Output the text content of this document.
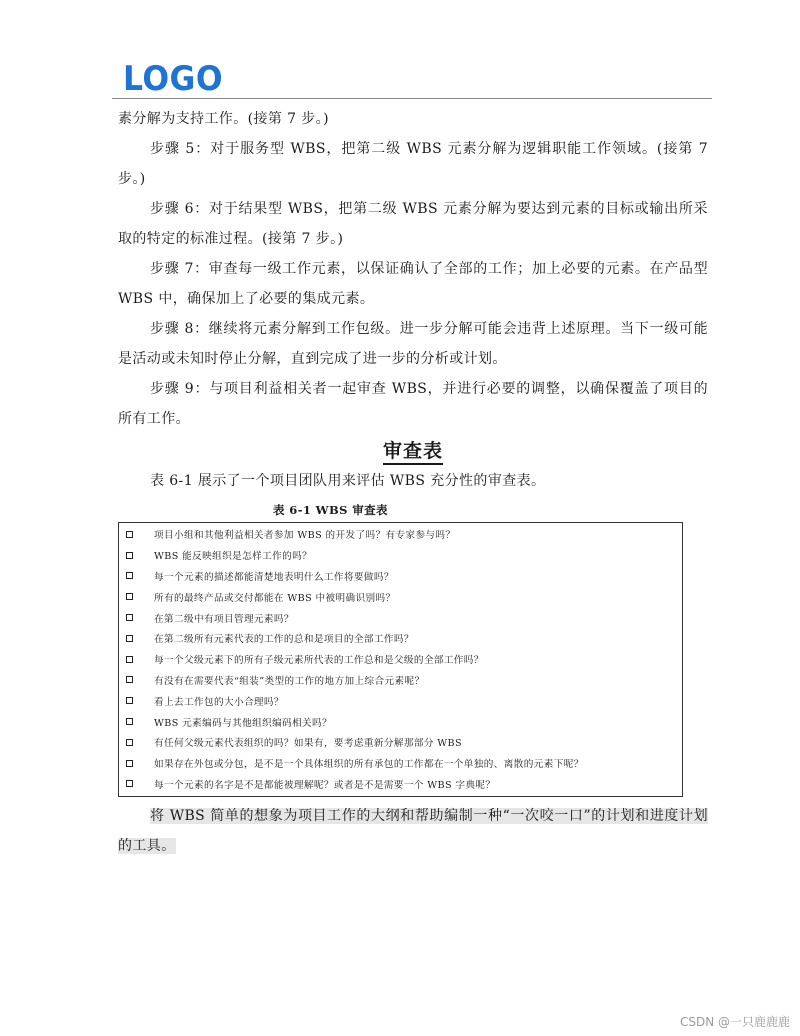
LOGO

素分解为支持工作。(接第 7 步。)

步骤 5：对于服务型 WBS，把第二级 WBS 元素分解为逻辑职能工作领域。(接第 7 步。)

步骤 6：对于结果型 WBS，把第二级 WBS 元素分解为要达到元素的目标或输出所采取的特定的标准过程。(接第 7 步。)

步骤 7：审查每一级工作元素，以保证确认了全部的工作；加上必要的元素。在产品型 WBS 中，确保加上了必要的集成元素。

步骤 8：继续将元素分解到工作包级。进一步分解可能会违背上述原理。当下一级可能是活动或未知时停止分解，直到完成了进一步的分析或计划。

步骤 9：与项目利益相关者一起审查 WBS，并进行必要的调整，以确保覆盖了项目的所有工作。

审查表

表 6-1 展示了一个项目团队用来评估 WBS 充分性的审查表。

表 6-1 WBS 审查表
项目小组和其他利益相关者参加 WBS 的开发了吗？有专家参与吗？
WBS 能反映组织是怎样工作的吗？
每一个元素的描述都能清楚地表明什么工作将要做吗？
所有的最终产品或交付都能在 WBS 中被明确识别吗？
在第二级中有项目管理元素吗？
在第二级所有元素代表的工作的总和是项目的全部工作吗？
每一个父级元素下的所有子级元素所代表的工作总和是父级的全部工作吗？
有没有在需要代表“组装”类型的工作的地方加上综合元素呢？
看上去工作包的大小合理吗？
WBS 元素编码与其他组织编码相关吗？
有任何父级元素代表组织的吗？如果有，要考虑重新分解那部分 WBS
如果存在外包或分包，是不是一个具体组织的所有承包的工作都在一个单独的、离散的元素下呢？
每一个元素的名字是不是都能被理解呢？或者是不是需要一个 WBS 字典呢？

将 WBS 简单的想象为项目工作的大纲和帮助编制一种“一次咬一口”的计划和进度计划的工具。

CSDN @一只鹿鹿鹿
